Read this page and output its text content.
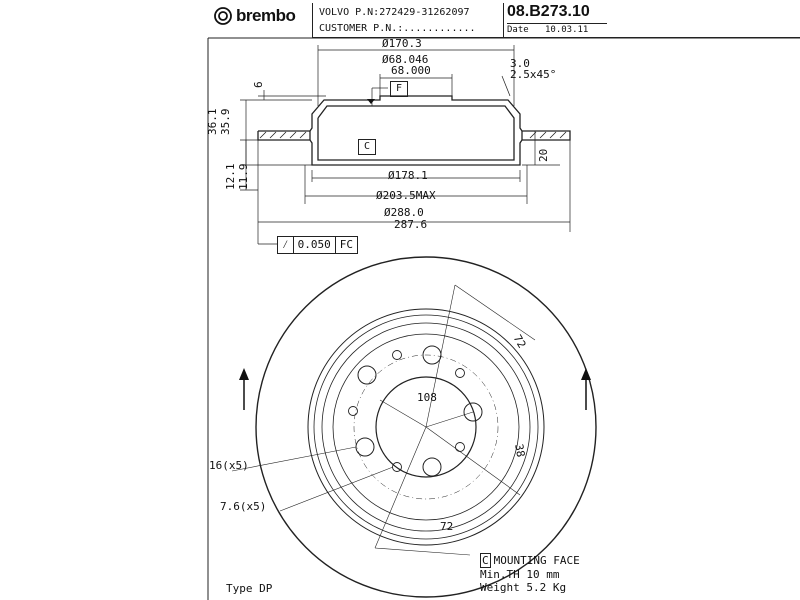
brembo VOLVO P.N:272429-31262097
CUSTOMER P.N.:............
08.B273.10
Date 10.03.11
Ø170.3
Ø68.046
68.000
3.0
2.5x45°
6	F
36.1 35.9
C
20
12.1 11.9	Ø178.1
Ø203.5MAX
Ø288.0
287.6
⁄ 0.050 FC
72
108
38
72
16(x5)
7.6(x5)
C MOUNTING FACE
Min.TH 10 mm
Weight 5.2 Kg
Type DP
